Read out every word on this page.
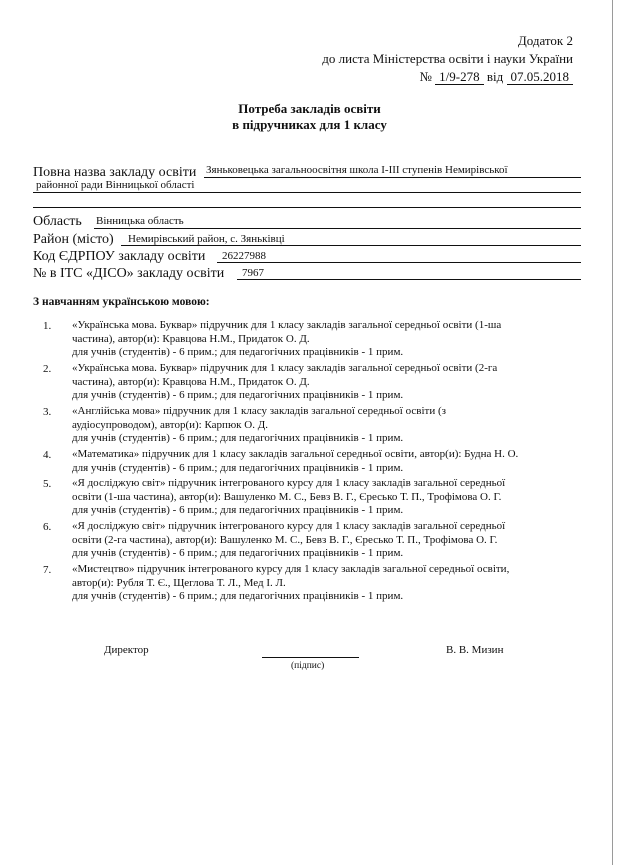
Додаток 2
до листа Міністерства освіти і науки України
№ 1/9-278 від 07.05.2018
Потреба закладів освіти
в підручниках для 1 класу
Повна назва закладу освіти Зяньковецька загальноосвітня школа І-ІІІ ступенів Немирівської
районної ради Вінницької області
Область Вінницька область
Район (місто) Немирівський район, с. Зяньківці
Код ЄДРПОУ закладу освіти 26227988
№ в ІТС «ДІСО» закладу освіти 7967
З навчанням українською мовою:
1.	«Українська мова. Буквар» підручник для 1 класу закладів загальної середньої освіти (1-ша
частина), автор(и): Кравцова Н.М., Придаток О. Д.
для учнів (студентів) - 6 прим.; для педагогічних працівників - 1 прим.
2.	«Українська мова. Буквар» підручник для 1 класу закладів загальної середньої освіти (2-га
частина), автор(и): Кравцова Н.М., Придаток О. Д.
для учнів (студентів) - 6 прим.; для педагогічних працівників - 1 прим.
3.	«Англійська мова» підручник для 1 класу закладів загальної середньої освіти (з
аудіосупроводом), автор(и): Карпюк О. Д.
для учнів (студентів) - 6 прим.; для педагогічних працівників - 1 прим.
4.	«Математика» підручник для 1 класу закладів загальної середньої освіти, автор(и): Будна Н. О.
для учнів (студентів) - 6 прим.; для педагогічних працівників - 1 прим.
5.	«Я досліджую світ» підручник інтегрованого курсу для 1 класу закладів загальної середньої
освіти (1-ша частина), автор(и): Вашуленко М. С., Бевз В. Г., Єресько Т. П., Трофімова О. Г.
для учнів (студентів) - 6 прим.; для педагогічних працівників - 1 прим.
6.	«Я досліджую світ» підручник інтегрованого курсу для 1 класу закладів загальної середньої
освіти (2-га частина), автор(и): Вашуленко М. С., Бевз В. Г., Єресько Т. П., Трофімова О. Г.
для учнів (студентів) - 6 прим.; для педагогічних працівників - 1 прим.
7.	«Мистецтво» підручник інтегрованого курсу для 1 класу закладів загальної середньої освіти,
автор(и): Рубля Т. Є., Щеглова Т. Л., Мед І. Л.
для учнів (студентів) - 6 прим.; для педагогічних працівників - 1 прим.
Директор
(підпис)
В. В. Мизин
